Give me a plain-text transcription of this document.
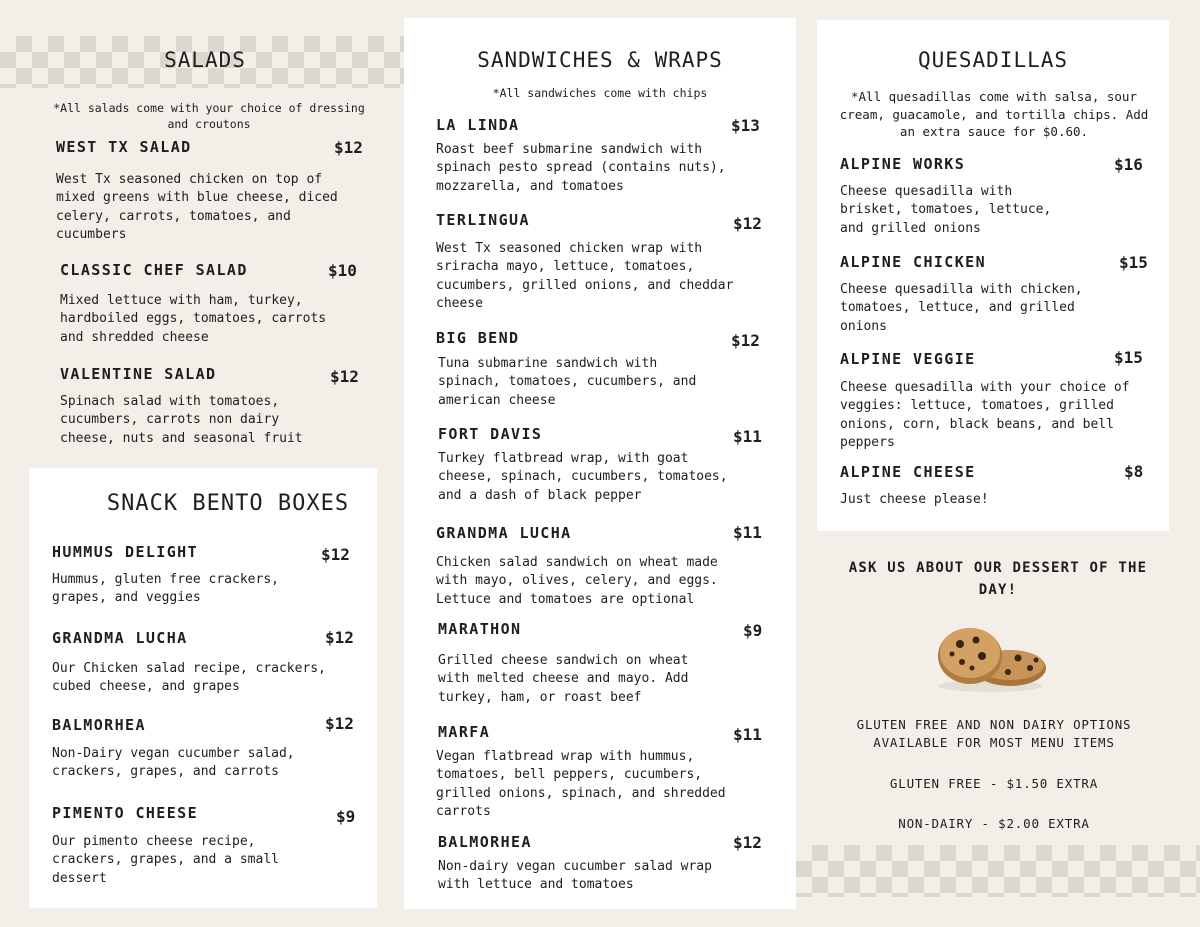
SALADS
*All salads come with your choice of dressing and croutons
WEST TX SALAD	$12
West Tx seasoned chicken on top of mixed greens with blue cheese, diced celery, carrots, tomatoes, and cucumbers
CLASSIC CHEF SALAD	$10
Mixed lettuce with ham, turkey, hardboiled eggs, tomatoes, carrots and shredded cheese
VALENTINE SALAD	$12
Spinach salad with tomatoes, cucumbers, carrots non dairy cheese, nuts and seasonal fruit
SNACK BENTO BOXES
HUMMUS DELIGHT	$12
Hummus, gluten free crackers, grapes, and veggies
GRANDMA LUCHA	$12
Our Chicken salad recipe, crackers, cubed cheese, and grapes
BALMORHEA	$12
Non-Dairy vegan cucumber salad, crackers, grapes, and carrots
PIMENTO CHEESE	$9
Our pimento cheese recipe, crackers, grapes, and a small dessert
SANDWICHES & WRAPS
*All sandwiches come with chips
LA LINDA	$13
Roast beef submarine sandwich with spinach pesto spread (contains nuts), mozzarella, and tomatoes
TERLINGUA	$12
West Tx seasoned chicken wrap with sriracha mayo, lettuce, tomatoes, cucumbers, grilled onions, and cheddar cheese
BIG BEND	$12
Tuna submarine sandwich with spinach, tomatoes, cucumbers, and american cheese
FORT DAVIS	$11
Turkey flatbread wrap, with goat cheese, spinach, cucumbers, tomatoes, and a dash of black pepper
GRANDMA LUCHA	$11
Chicken salad sandwich on wheat made with mayo, olives, celery, and eggs. Lettuce and tomatoes are optional
MARATHON	$9
Grilled cheese sandwich on wheat with melted cheese and mayo. Add turkey, ham, or roast beef
MARFA	$11
Vegan flatbread wrap with hummus, tomatoes, bell peppers, cucumbers, grilled onions, spinach, and shredded carrots
BALMORHEA	$12
Non-dairy vegan cucumber salad wrap with lettuce and tomatoes
QUESADILLAS
*All quesadillas come with salsa, sour cream, guacamole, and tortilla chips. Add an extra sauce for $0.60.
ALPINE WORKS	$16
Cheese quesadilla with brisket, tomatoes, lettuce, and grilled onions
ALPINE CHICKEN	$15
Cheese quesadilla with chicken, tomatoes, lettuce, and grilled onions
ALPINE VEGGIE	$15
Cheese quesadilla with your choice of veggies: lettuce, tomatoes, grilled onions, corn, black beans, and bell peppers
ALPINE CHEESE	$8
Just cheese please!
ASK US ABOUT OUR DESSERT OF THE DAY!
GLUTEN FREE AND NON DAIRY OPTIONS AVAILABLE FOR MOST MENU ITEMS
GLUTEN FREE - $1.50 EXTRA
NON-DAIRY - $2.00 EXTRA
